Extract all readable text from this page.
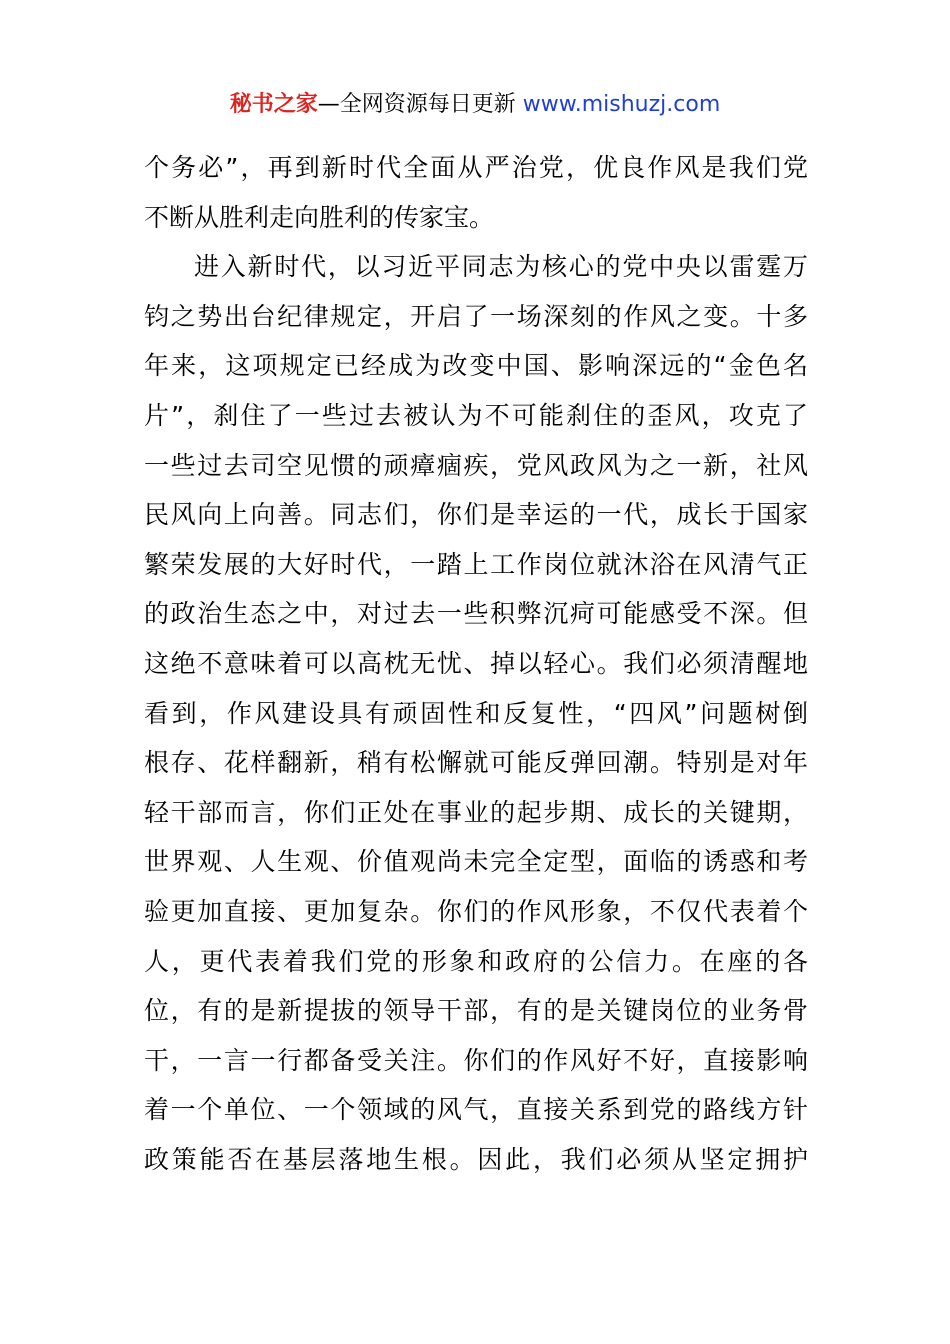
秘书之家—全网资源每日更新 www.mishuzj.com
个务必”，再到新时代全面从严治党，优良作风是我们党
不断从胜利走向胜利的传家宝。
进入新时代，以习近平同志为核心的党中央以雷霆万
钧之势出台纪律规定，开启了一场深刻的作风之变。十多
年来，这项规定已经成为改变中国、影响深远的“金色名
片”，刹住了一些过去被认为不可能刹住的歪风，攻克了
一些过去司空见惯的顽瘴痼疾，党风政风为之一新，社风
民风向上向善。同志们，你们是幸运的一代，成长于国家
繁荣发展的大好时代，一踏上工作岗位就沐浴在风清气正
的政治生态之中，对过去一些积弊沉疴可能感受不深。但
这绝不意味着可以高枕无忧、掉以轻心。我们必须清醒地
看到，作风建设具有顽固性和反复性，“四风”问题树倒
根存、花样翻新，稍有松懈就可能反弹回潮。特别是对年
轻干部而言，你们正处在事业的起步期、成长的关键期，
世界观、人生观、价值观尚未完全定型，面临的诱惑和考
验更加直接、更加复杂。你们的作风形象，不仅代表着个
人，更代表着我们党的形象和政府的公信力。在座的各
位，有的是新提拔的领导干部，有的是关键岗位的业务骨
干，一言一行都备受关注。你们的作风好不好，直接影响
着一个单位、一个领域的风气，直接关系到党的路线方针
政策能否在基层落地生根。因此，我们必须从坚定拥护
